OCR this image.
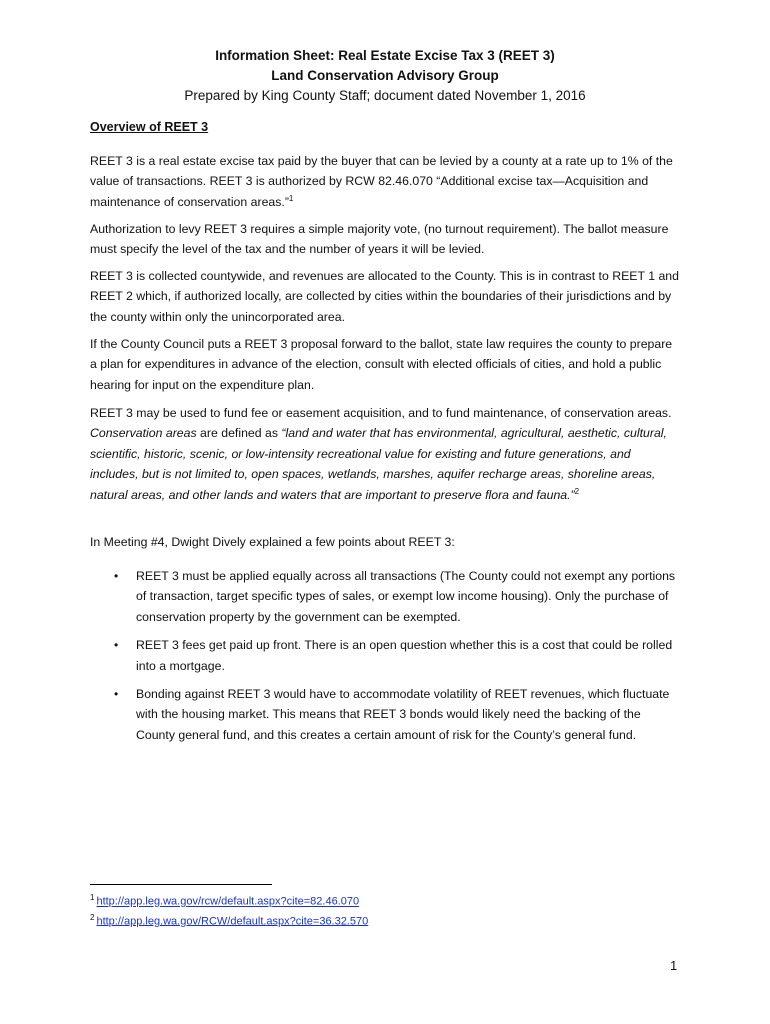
Information Sheet: Real Estate Excise Tax 3 (REET 3)
Land Conservation Advisory Group
Prepared by King County Staff; document dated November 1, 2016
Overview of REET 3

REET 3 is a real estate excise tax paid by the buyer that can be levied by a county at a rate up to 1% of the value of transactions. REET 3 is authorized by RCW 82.46.070 “Additional excise tax—Acquisition and maintenance of conservation areas.”$^1$

Authorization to levy REET 3 requires a simple majority vote, (no turnout requirement). The ballot measure must specify the level of the tax and the number of years it will be levied.

REET 3 is collected countywide, and revenues are allocated to the County. This is in contrast to REET 1 and REET 2 which, if authorized locally, are collected by cities within the boundaries of their jurisdictions and by the county within only the unincorporated area.

If the County Council puts a REET 3 proposal forward to the ballot, state law requires the county to prepare a plan for expenditures in advance of the election, consult with elected officials of cities, and hold a public hearing for input on the expenditure plan.

REET 3 may be used to fund fee or easement acquisition, and to fund maintenance, of conservation areas. Conservation areas are defined as “land and water that has environmental, agricultural, aesthetic, cultural, scientific, historic, scenic, or low-intensity recreational value for existing and future generations, and includes, but is not limited to, open spaces, wetlands, marshes, aquifer recharge areas, shoreline areas, natural areas, and other lands and waters that are important to preserve flora and fauna.”$^2$

In Meeting #4, Dwight Dively explained a few points about REET 3:

• REET 3 must be applied equally across all transactions (The County could not exempt any portions of transaction, target specific types of sales, or exempt low income housing). Only the purchase of conservation property by the government can be exempted.
• REET 3 fees get paid up front. There is an open question whether this is a cost that could be rolled into a mortgage.
• Bonding against REET 3 would have to accommodate volatility of REET revenues, which fluctuate with the housing market. This means that REET 3 bonds would likely need the backing of the County general fund, and this creates a certain amount of risk for the County’s general fund.
$^1$ http://app.leg.wa.gov/rcw/default.aspx?cite=82.46.070
$^2$ http://app.leg.wa.gov/RCW/default.aspx?cite=36.32.570
1
